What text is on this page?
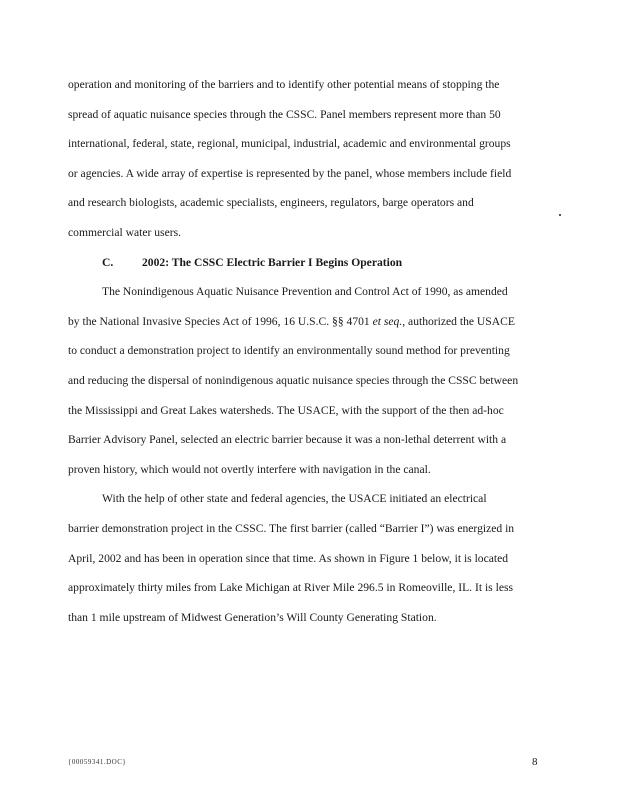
operation and monitoring of the barriers and to identify other potential means of stopping the
spread of aquatic nuisance species through the CSSC. Panel members represent more than 50
international, federal, state, regional, municipal, industrial, academic and environmental groups
or agencies. A wide array of expertise is represented by the panel, whose members include field
and research biologists, academic specialists, engineers, regulators, barge operators and
commercial water users.
C. 2002: The CSSC Electric Barrier I Begins Operation
The Nonindigenous Aquatic Nuisance Prevention and Control Act of 1990, as amended
by the National Invasive Species Act of 1996, 16 U.S.C. §§ 4701 et seq., authorized the USACE
to conduct a demonstration project to identify an environmentally sound method for preventing
and reducing the dispersal of nonindigenous aquatic nuisance species through the CSSC between
the Mississippi and Great Lakes watersheds. The USACE, with the support of the then ad-hoc
Barrier Advisory Panel, selected an electric barrier because it was a non-lethal deterrent with a
proven history, which would not overtly interfere with navigation in the canal.
With the help of other state and federal agencies, the USACE initiated an electrical
barrier demonstration project in the CSSC. The first barrier (called “Barrier I”) was energized in
April, 2002 and has been in operation since that time. As shown in Figure 1 below, it is located
approximately thirty miles from Lake Michigan at River Mile 296.5 in Romeoville, IL. It is less
than 1 mile upstream of Midwest Generation’s Will County Generating Station.
{00059341.DOC}	8
